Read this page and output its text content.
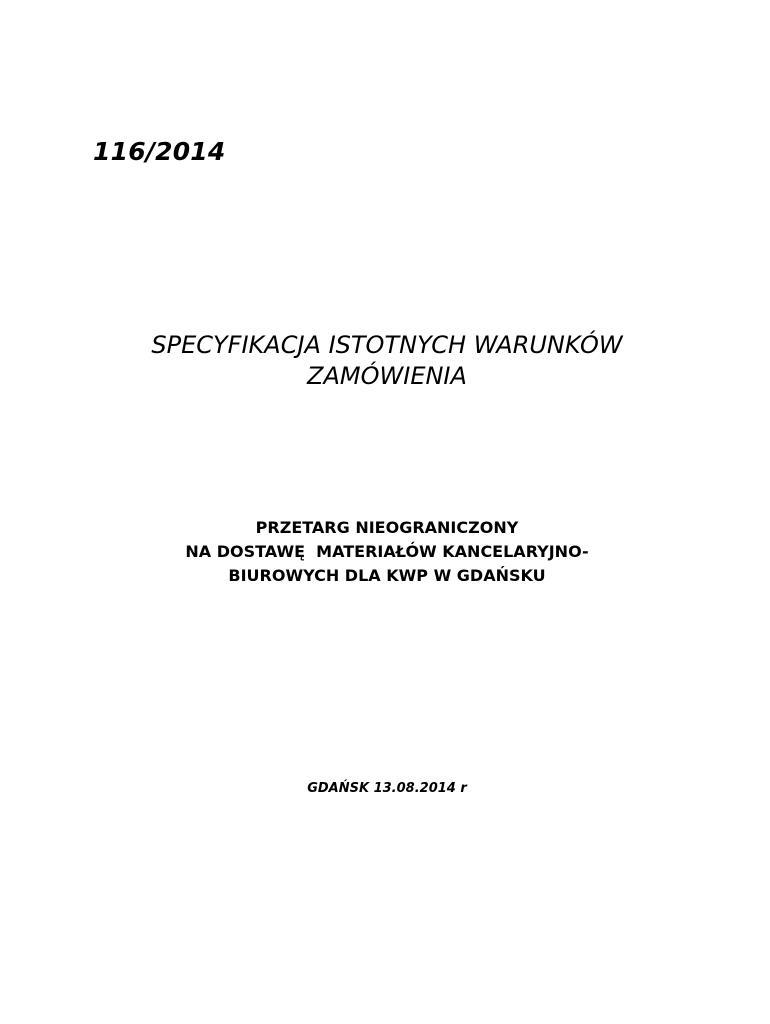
116/2014
SPECYFIKACJA ISTOTNYCH WARUNKÓW
ZAMÓWIENIA
PRZETARG NIEOGRANICZONY
NA DOSTAWĘ  MATERIAŁÓW KANCELARYJNO-
BIUROWYCH DLA KWP W GDAŃSKU
GDAŃSK 13.08.2014 r
